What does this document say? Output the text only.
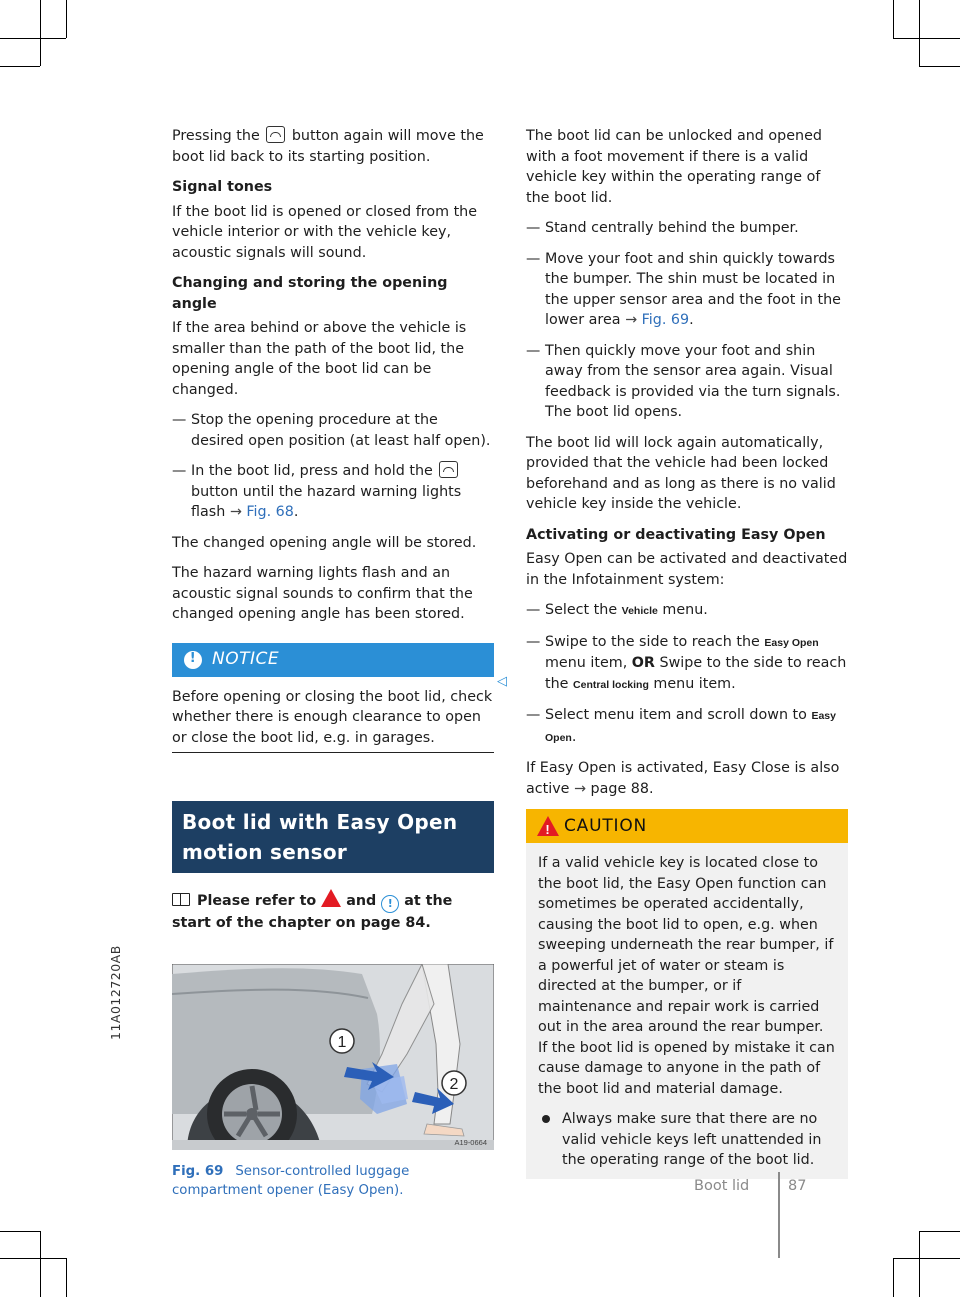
11A012720AB

Pressing the  button again will move the boot lid back to its starting position.

Signal tones

If the boot lid is opened or closed from the vehicle interior or with the vehicle key, acoustic signals will sound.

Changing and storing the opening angle

If the area behind or above the vehicle is smaller than the path of the boot lid, the opening angle of the boot lid can be changed.

— Stop the opening procedure at the desired open position (at least half open).
— In the boot lid, press and hold the  button until the hazard warning lights flash → Fig. 68.

The changed opening angle will be stored.

The hazard warning lights flash and an acoustic signal sounds to confirm that the changed opening angle has been stored.

! NOTICE
Before opening or closing the boot lid, check whether there is enough clearance to open or close the boot lid, e.g. in garages.
Boot lid with Easy Open motion sensor
Please refer to  and ! at the start of the chapter on page 84.
1
2
A19-0664
Fig. 69 Sensor-controlled luggage compartment opener (Easy Open).
◁

The boot lid can be unlocked and opened with a foot movement if there is a valid vehicle key within the operating range of the boot lid.

— Stand centrally behind the bumper.
— Move your foot and shin quickly towards the bumper. The shin must be located in the upper sensor area and the foot in the lower area → Fig. 69.
— Then quickly move your foot and shin away from the sensor area again. Visual feedback is provided via the turn signals. The boot lid opens.

The boot lid will lock again automatically, provided that the vehicle had been locked beforehand and as long as there is no valid vehicle key inside the vehicle.

Activating or deactivating Easy Open

Easy Open can be activated and deactivated in the Infotainment system:

— Select the Vehicle menu.
— Swipe to the side to reach the Easy Open menu item, OR Swipe to the side to reach the Central locking menu item.
— Select menu item and scroll down to Easy Open.

If Easy Open is activated, Easy Close is also active → page 88.

! CAUTION

If a valid vehicle key is located close to the boot lid, the Easy Open function can sometimes be operated accidentally, causing the boot lid to open, e.g. when sweeping underneath the rear bumper, if a powerful jet of water or steam is directed at the bumper, or if maintenance and repair work is carried out in the area around the rear bumper. If the boot lid is opened by mistake it can cause damage to anyone in the path of the boot lid and material damage.

Always make sure that there are no valid vehicle keys left unattended in the operating range of the boot lid.
Boot lid	87
